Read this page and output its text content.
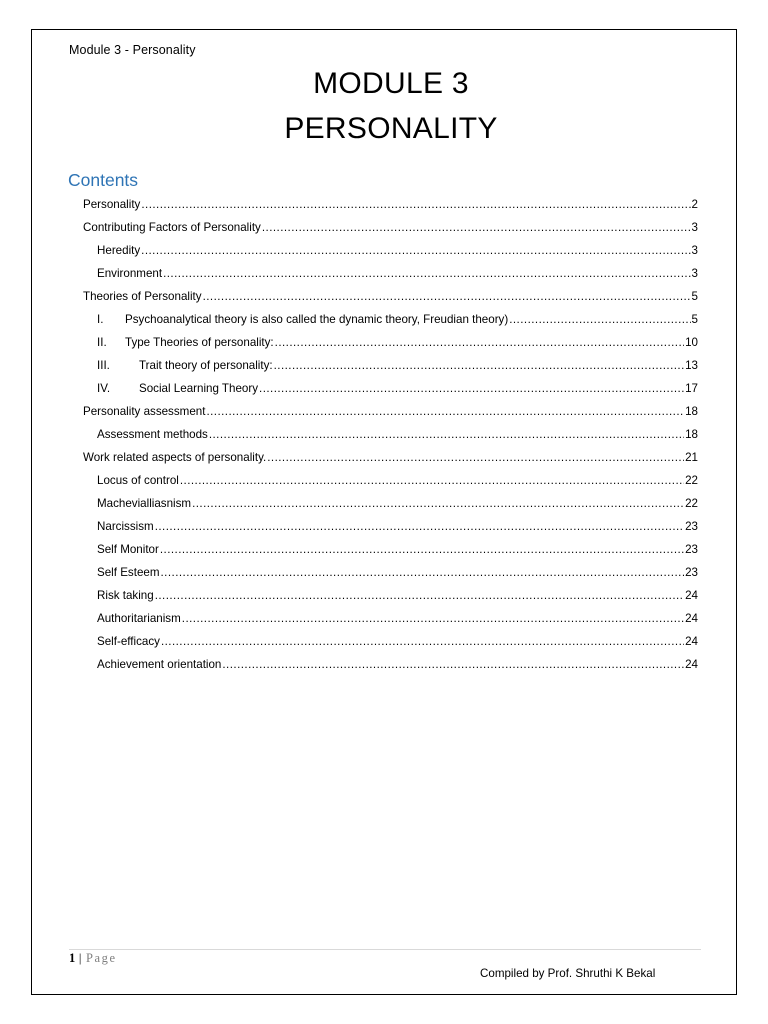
Module 3 - Personality
MODULE 3
PERSONALITY
Contents
Personality .....	2
Contributing Factors of Personality .....	3
Heredity .....	3
Environment .....	3
Theories of Personality .....	5
I.	Psychoanalytical theory is also called the dynamic theory, Freudian theory) .....	5
II.	Type Theories of personality: .....	10
III.	Trait theory of personality: .....	13
IV.	Social Learning Theory .....	17
Personality assessment .....	18
Assessment methods .....	18
Work related aspects of personality. .....	21
Locus of control .....	22
Machevialliasnism .....	22
Narcissism .....	23
Self Monitor .....	23
Self Esteem .....	23
Risk taking .....	24
Authoritarianism .....	24
Self-efficacy .....	24
Achievement orientation .....	24
1 | Page
Compiled by Prof. Shruthi K Bekal
